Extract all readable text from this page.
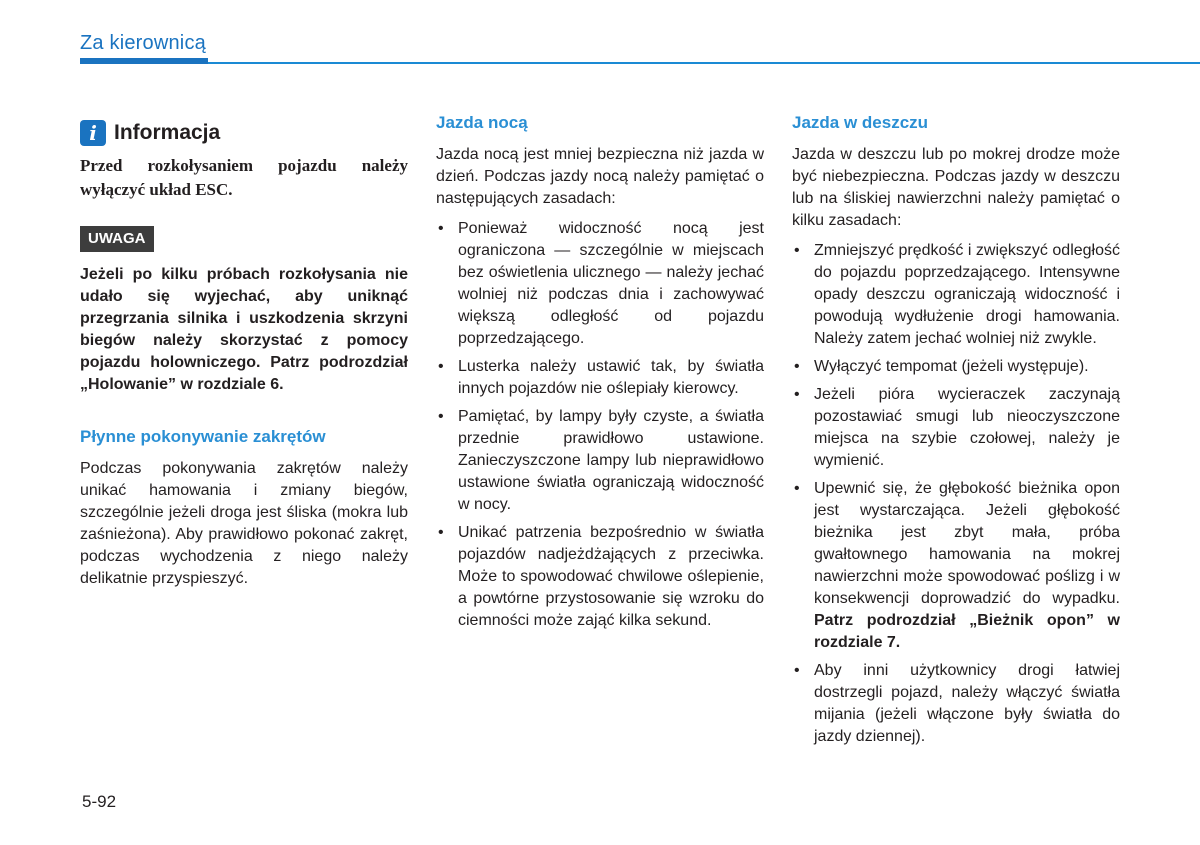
Za kierownicą
i Informacja

Przed rozkołysaniem pojazdu należy wyłączyć układ ESC.

UWAGA

Jeżeli po kilku próbach rozkołysania nie udało się wyjechać, aby uniknąć przegrzania silnika i uszkodzenia skrzyni biegów należy skorzystać z pomocy pojazdu holowniczego. Patrz podrozdział „Holowanie” w rozdziale 6.

Płynne pokonywanie zakrętów

Podczas pokonywania zakrętów należy unikać hamowania i zmiany biegów, szczególnie jeżeli droga jest śliska (mokra lub zaśnieżona). Aby prawidłowo pokonać zakręt, podczas wychodzenia z niego należy delikatnie przyspieszyć.

Jazda nocą

Jazda nocą jest mniej bezpieczna niż jazda w dzień. Podczas jazdy nocą należy pamiętać o następujących zasadach:

• Ponieważ widoczność nocą jest ograniczona — szczególnie w miejscach bez oświetlenia ulicznego — należy jechać wolniej niż podczas dnia i zachowywać większą odległość od pojazdu poprzedzającego.
• Lusterka należy ustawić tak, by światła innych pojazdów nie oślepiały kierowcy.
• Pamiętać, by lampy były czyste, a światła przednie prawidłowo ustawione. Zanieczyszczone lampy lub nieprawidłowo ustawione światła ograniczają widoczność w nocy.
• Unikać patrzenia bezpośrednio w światła pojazdów nadjeżdżających z przeciwka. Może to spowodować chwilowe oślepienie, a powtórne przystosowanie się wzroku do ciemności może zająć kilka sekund.
Jazda w deszczu

Jazda w deszczu lub po mokrej drodze może być niebezpieczna. Podczas jazdy w deszczu lub na śliskiej nawierzchni należy pamiętać o kilku zasadach:

• Zmniejszyć prędkość i zwiększyć odległość do pojazdu poprzedzającego. Intensywne opady deszczu ograniczają widoczność i powodują wydłużenie drogi hamowania. Należy zatem jechać wolniej niż zwykle.
• Wyłączyć tempomat (jeżeli występuje).
• Jeżeli pióra wycieraczek zaczynają pozostawiać smugi lub nieoczyszczone miejsca na szybie czołowej, należy je wymienić.
• Upewnić się, że głębokość bieżnika opon jest wystarczająca. Jeżeli głębokość bieżnika jest zbyt mała, próba gwałtownego hamowania na mokrej nawierzchni może spowodować poślizg i w konsekwencji doprowadzić do wypadku. Patrz podrozdział „Bieżnik opon” w rozdziale 7.
• Aby inni użytkownicy drogi łatwiej dostrzegli pojazd, należy włączyć światła mijania (jeżeli włączone były światła do jazdy dziennej).
5-92
